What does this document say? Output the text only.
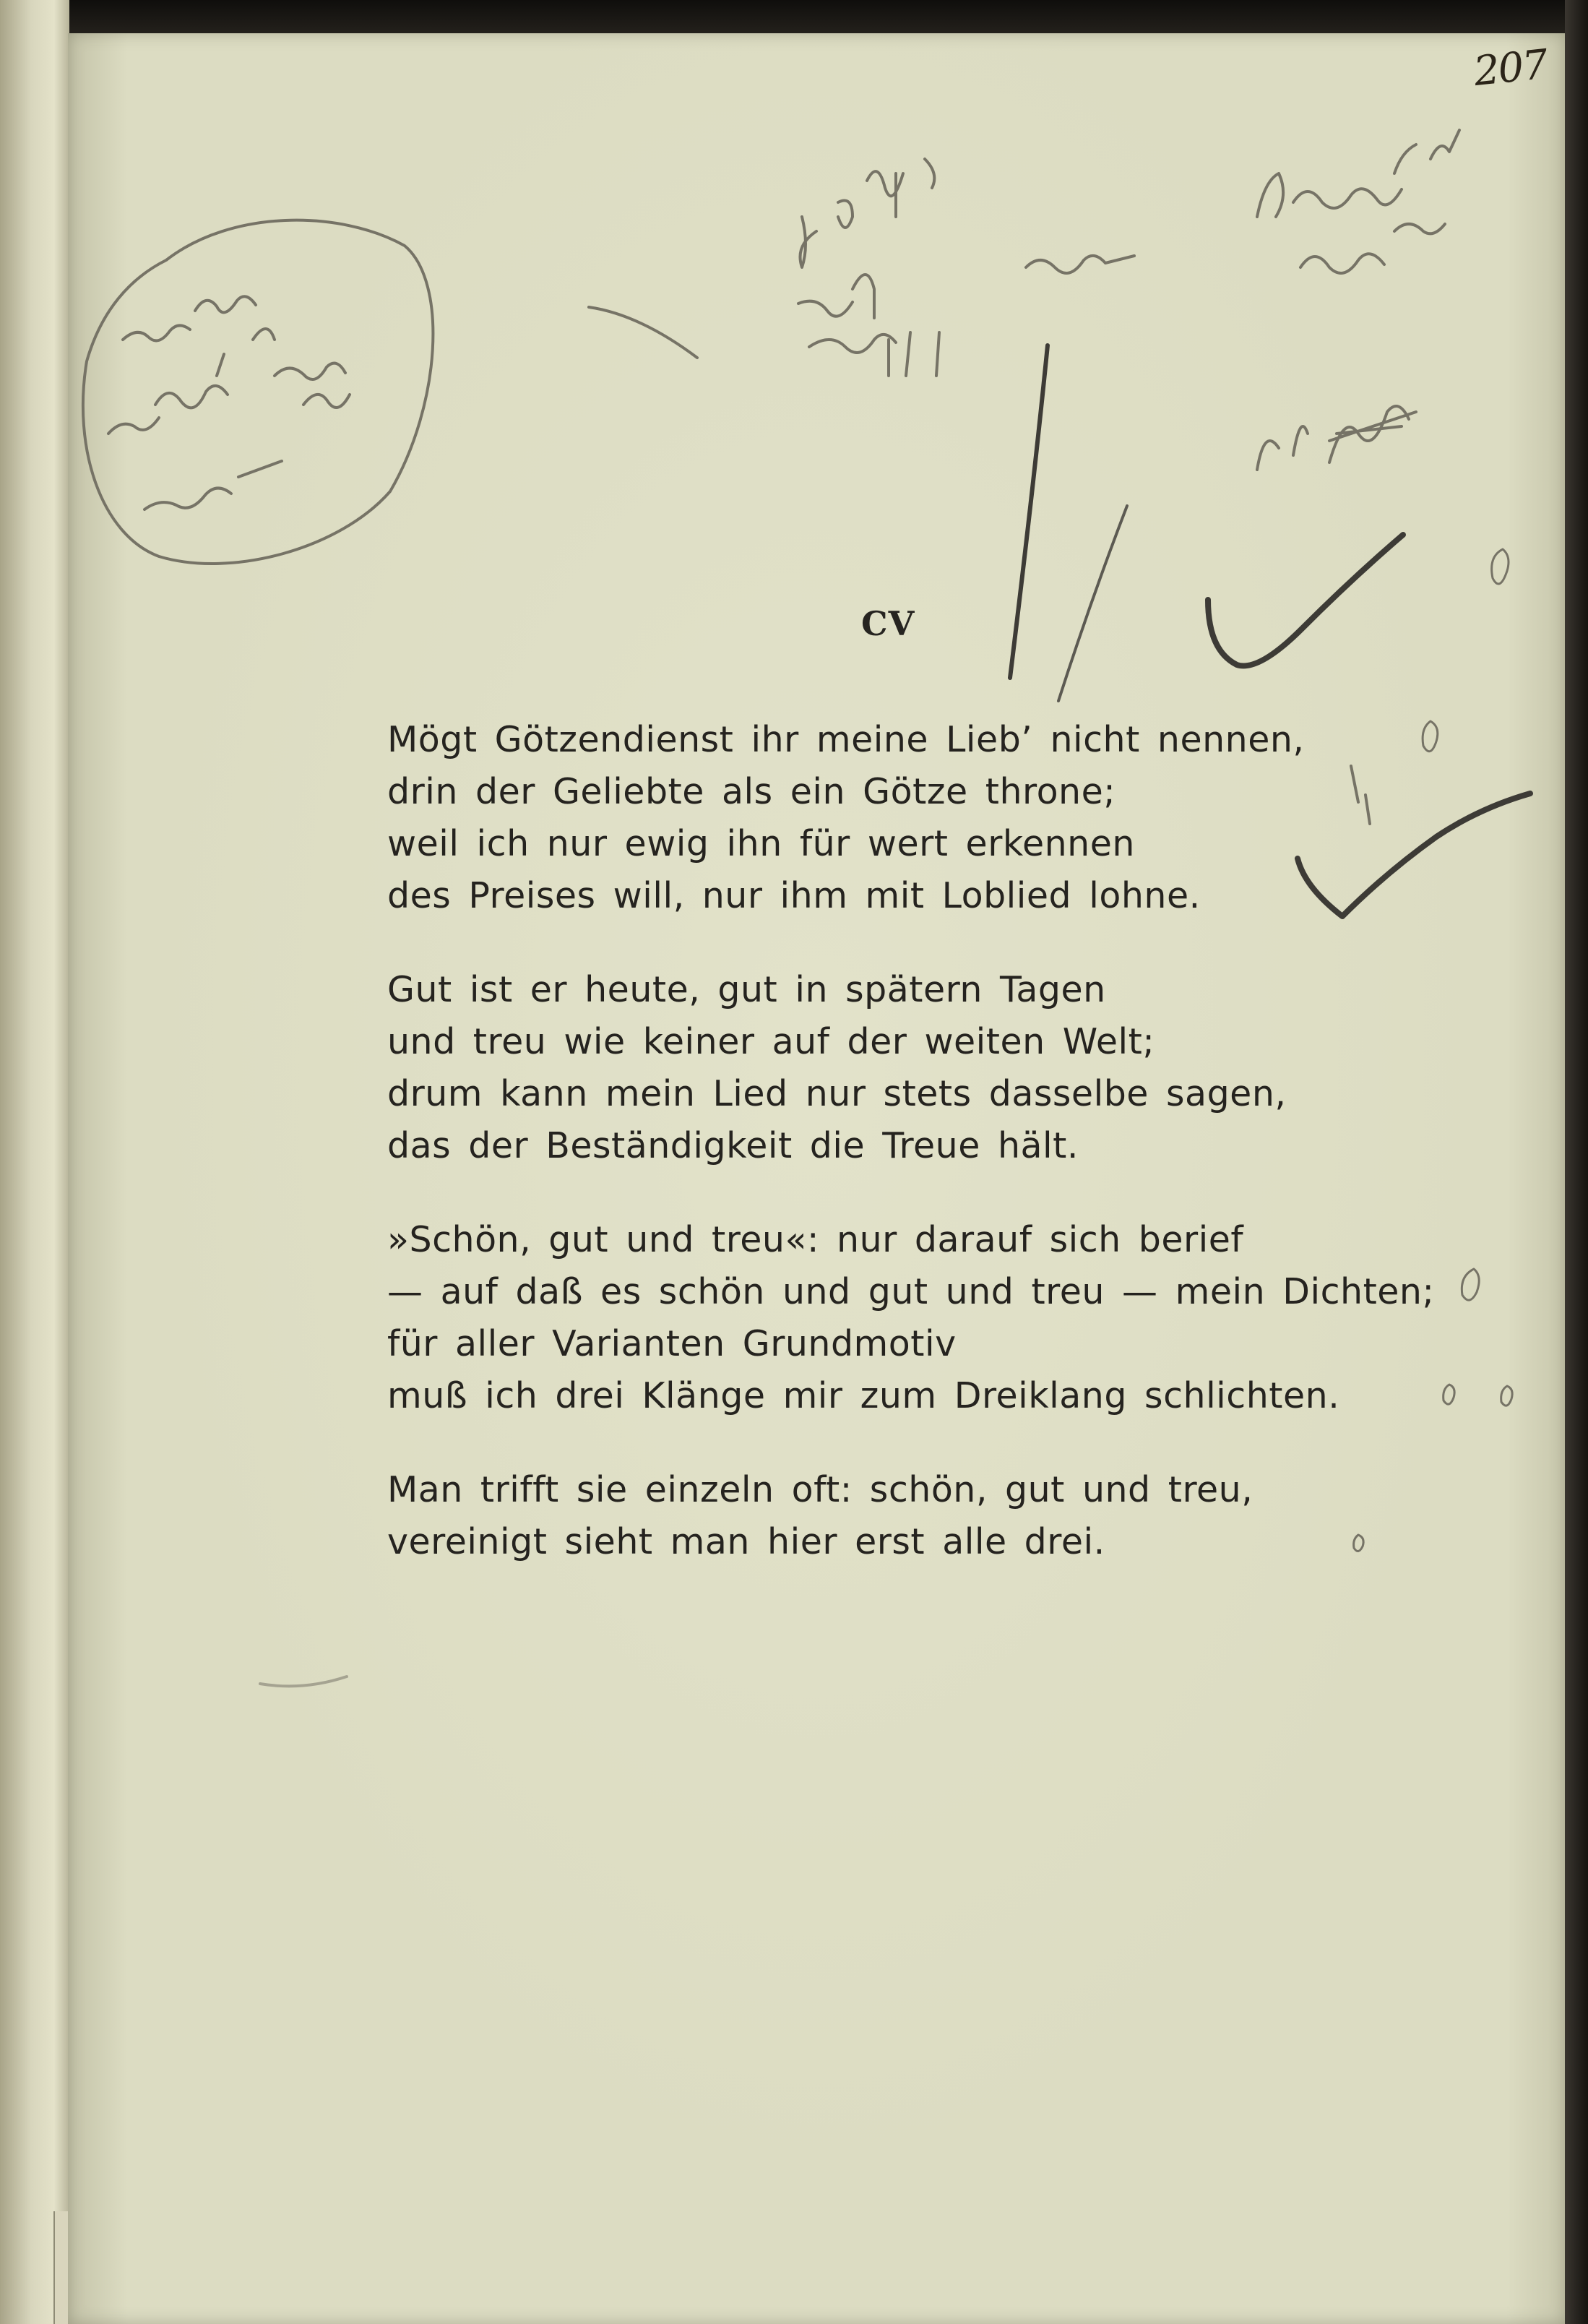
207
CV
Mögt Götzendienst ihr meine Lieb’ nicht nennen,
drin der Geliebte als ein Götze throne;
weil ich nur ewig ihn für wert erkennen
des Preises will, nur ihm mit Loblied lohne.
Gut ist er heute, gut in spätern Tagen
und treu wie keiner auf der weiten Welt;
drum kann mein Lied nur stets dasselbe sagen,
das der Beständigkeit die Treue hält.
»Schön, gut und treu«: nur darauf sich berief
— auf daß es schön und gut und treu — mein Dichten;
für aller Varianten Grundmotiv
muß ich drei Klänge mir zum Dreiklang schlichten.
Man trifft sie einzeln oft: schön, gut und treu,
vereinigt sieht man hier erst alle drei.
